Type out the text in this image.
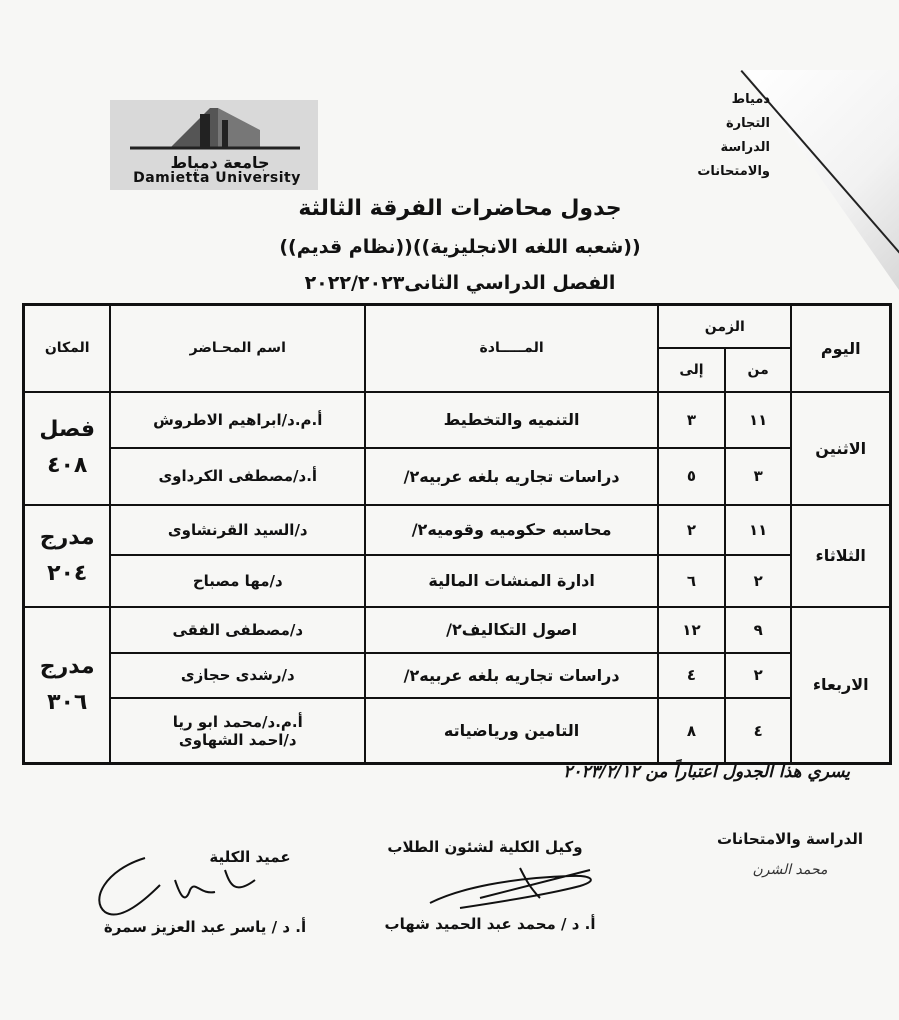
دمياط
التجارة
الدراسة والامتحانات
جامعة دمياط
Damietta University
جدول محاضرات الفرقة الثالثة
((شعبه اللغه الانجليزية))((نظام قديم))
الفصل الدراسي الثانى٢٠٢٢/٢٠٢٣
اليوم	الزمن		المـــــادة	اسم المحـاضر	المكان
	من	إلى			
الاثنين	١١	٣	التنميه والتخطيط	أ.م.د/ابراهيم الاطروش	فصل
٤٠٨

	٣	٥	دراسات تجاريه بلغه عربيه٢/	أ.د/مصطفى الكرداوى	
الثلاثاء	١١	٢	محاسبه حكوميه وقوميه٢/	د/السيد القرنشاوى	مدرج
٢٠٤

	٢	٦	ادارة المنشات المالية	د/مها مصباح	
الاربعاء	٩	١٢	اصول التكاليف٢/	د/مصطفى الفقى	مدرج
٣٠٦

	٢	٤	دراسات تجاريه بلغه عربيه٢/	د/رشدى حجازى	
	٤	٨	التامين ورياضياته	أ.م.د/محمد ابو ريا
د/احمد الشهاوى	
يسري هذا الجدول اعتباراً من ٢٠٢٣/٢/١٢
الدراسة والامتحانات
محمد الشرن
وكيل الكلية لشئون الطلاب
أ. د / محمد عبد الحميد شهاب
عميد الكلية
أ. د / ياسر عبد العزيز سمرة
